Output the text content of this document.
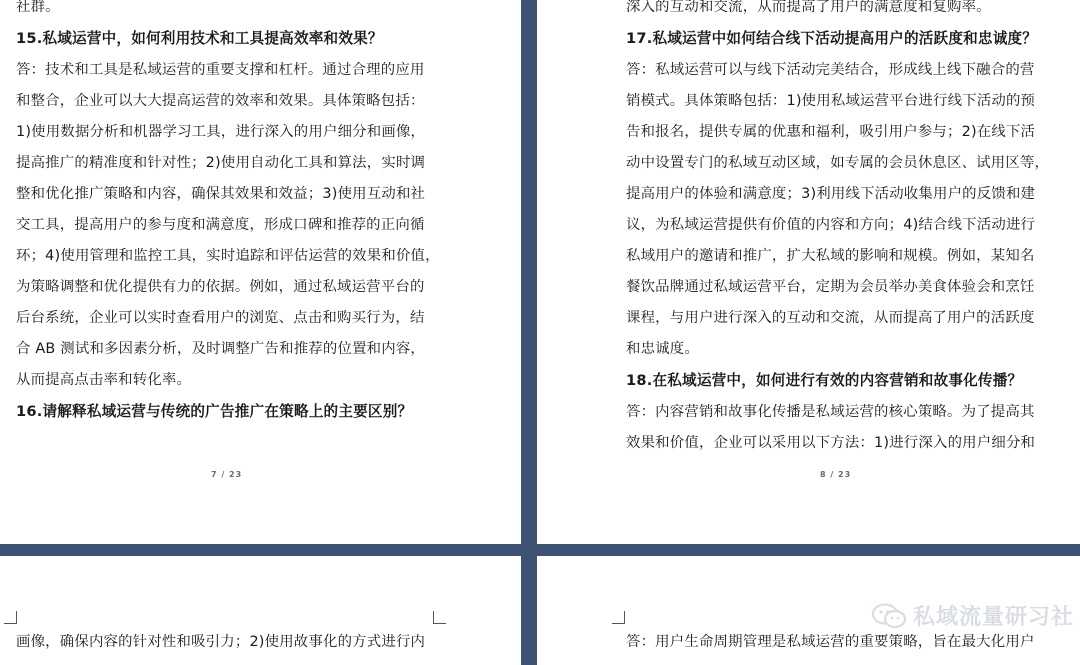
社群。
15.私域运营中，如何利用技术和工具提高效率和效果？
答：技术和工具是私域运营的重要支撑和杠杆。通过合理的应用
和整合，企业可以大大提高运营的效率和效果。具体策略包括：
1)使用数据分析和机器学习工具，进行深入的用户细分和画像，
提高推广的精准度和针对性；2)使用自动化工具和算法，实时调
整和优化推广策略和内容，确保其效果和效益；3)使用互动和社
交工具，提高用户的参与度和满意度，形成口碑和推荐的正向循
环；4)使用管理和监控工具，实时追踪和评估运营的效果和价值，
为策略调整和优化提供有力的依据。例如，通过私域运营平台的
后台系统，企业可以实时查看用户的浏览、点击和购买行为，结
合 AB 测试和多因素分析，及时调整广告和推荐的位置和内容，
从而提高点击率和转化率。
16.请解释私域运营与传统的广告推广在策略上的主要区别？
7 / 23
深入的互动和交流，从而提高了用户的满意度和复购率。
17.私域运营中如何结合线下活动提高用户的活跃度和忠诚度？
答：私域运营可以与线下活动完美结合，形成线上线下融合的营
销模式。具体策略包括：1)使用私域运营平台进行线下活动的预
告和报名，提供专属的优惠和福利，吸引用户参与；2)在线下活
动中设置专门的私域互动区域，如专属的会员休息区、试用区等，
提高用户的体验和满意度；3)利用线下活动收集用户的反馈和建
议，为私域运营提供有价值的内容和方向；4)结合线下活动进行
私域用户的邀请和推广，扩大私域的影响和规模。例如，某知名
餐饮品牌通过私域运营平台，定期为会员举办美食体验会和烹饪
课程，与用户进行深入的互动和交流，从而提高了用户的活跃度
和忠诚度。
18.在私域运营中，如何进行有效的内容营销和故事化传播？
答：内容营销和故事化传播是私域运营的核心策略。为了提高其
效果和价值，企业可以采用以下方法：1)进行深入的用户细分和
8 / 23
画像，确保内容的针对性和吸引力；2)使用故事化的方式进行内	答：用户生命周期管理是私域运营的重要策略，旨在最大化用户
私域流量研习社
